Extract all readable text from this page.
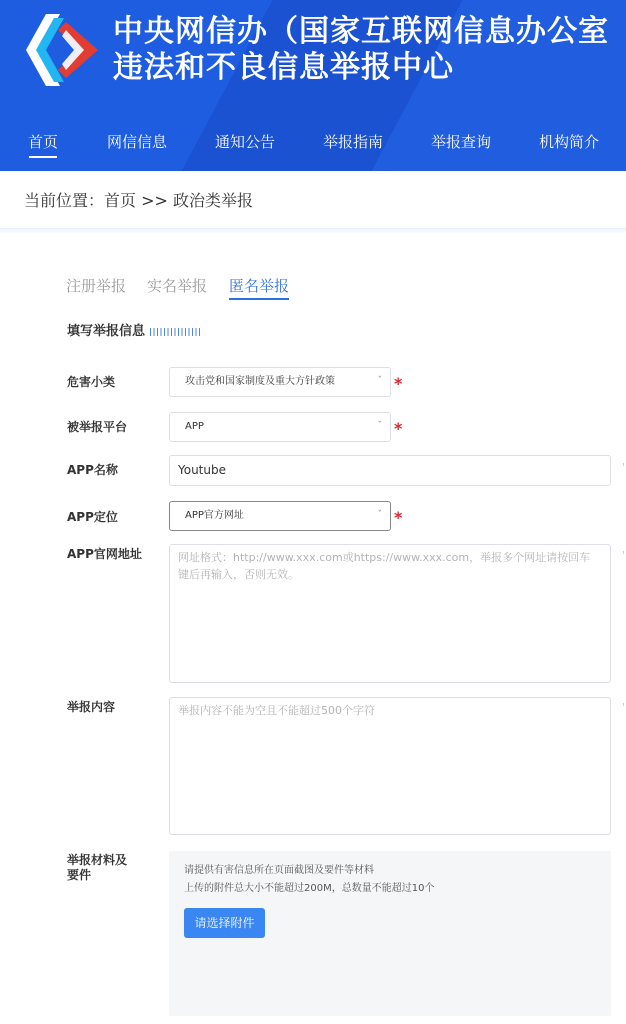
中央网信办（国家互联网信息办公室
违法和不良信息举报中心
首页	网信信息	通知公告	举报指南	举报查询	机构简介
当前位置：首页 >> 政治类举报
注册举报 实名举报 匿名举报
填写举报信息
危害小类	攻击党和国家制度及重大方针政策	ˇ *
被举报平台	APP	ˇ *
APP名称	Youtube	'
APP定位	APP官方网址	ˇ *
APP官网地址	网址格式：http://www.xxx.com或https://www.xxx.com，举报多个网址请按回车键后再输入，否则无效。
'
举报内容	举报内容不能为空且不能超过500个字符	'
举报材料及
要件	请提供有害信息所在页面截图及要件等材料
上传的附件总大小不能超过200M，总数量不能超过10个
请选择附件
